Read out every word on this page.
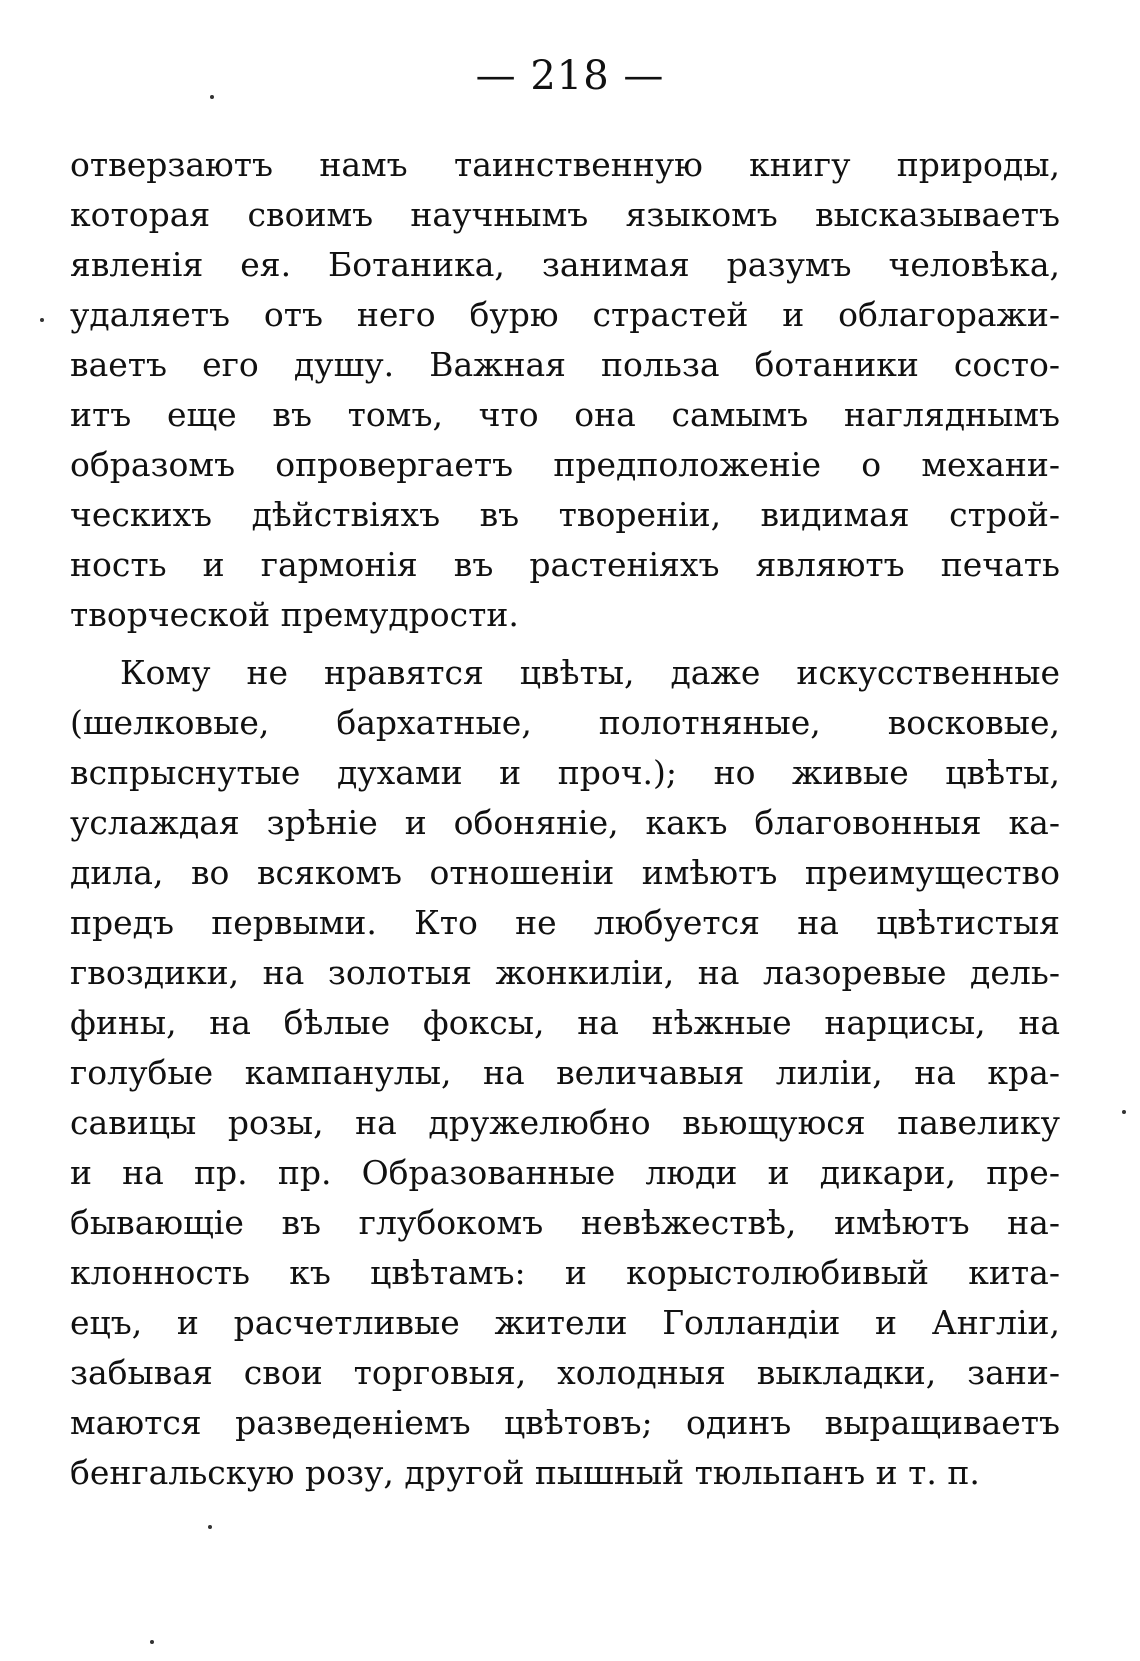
— 218 —
отверзаютъ намъ таинственную книгу природы,
которая своимъ научнымъ языкомъ высказываетъ
явленія ея. Ботаника, занимая разумъ человѣка,
удаляетъ отъ него бурю страстей и облагоражи-
ваетъ его душу. Важная польза ботаники состо-
итъ еще въ томъ, что она самымъ нагляднымъ
образомъ опровергаетъ предположеніе о механи-
ческихъ дѣйствіяхъ въ твореніи, видимая строй-
ность и гармонія въ растеніяхъ являютъ печать
творческой премудрости.
Кому не нравятся цвѣты, даже искусственные
(шелковые, бархатные, полотняные, восковые,
вспрыснутые духами и проч.); но живые цвѣты,
услаждая зрѣніе и обоняніе, какъ благовонныя ка-
дила, во всякомъ отношеніи имѣютъ преимущество
предъ первыми. Кто не любуется на цвѣтистыя
гвоздики, на золотыя жонкиліи, на лазоревые дель-
фины, на бѣлые фоксы, на нѣжные нарцисы, на
голубые кампанулы, на величавыя лиліи, на кра-
савицы розы, на дружелюбно вьющуюся павелику
и на пр. пр. Образованные люди и дикари, пре-
бывающіе въ глубокомъ невѣжествѣ, имѣютъ на-
клонность къ цвѣтамъ: и корыстолюбивый кита-
ецъ, и расчетливые жители Голландіи и Англіи,
забывая свои торговыя, холодныя выкладки, зани-
маются разведеніемъ цвѣтовъ; одинъ выращиваетъ
бенгальскую розу, другой пышный тюльпанъ и т. п.
